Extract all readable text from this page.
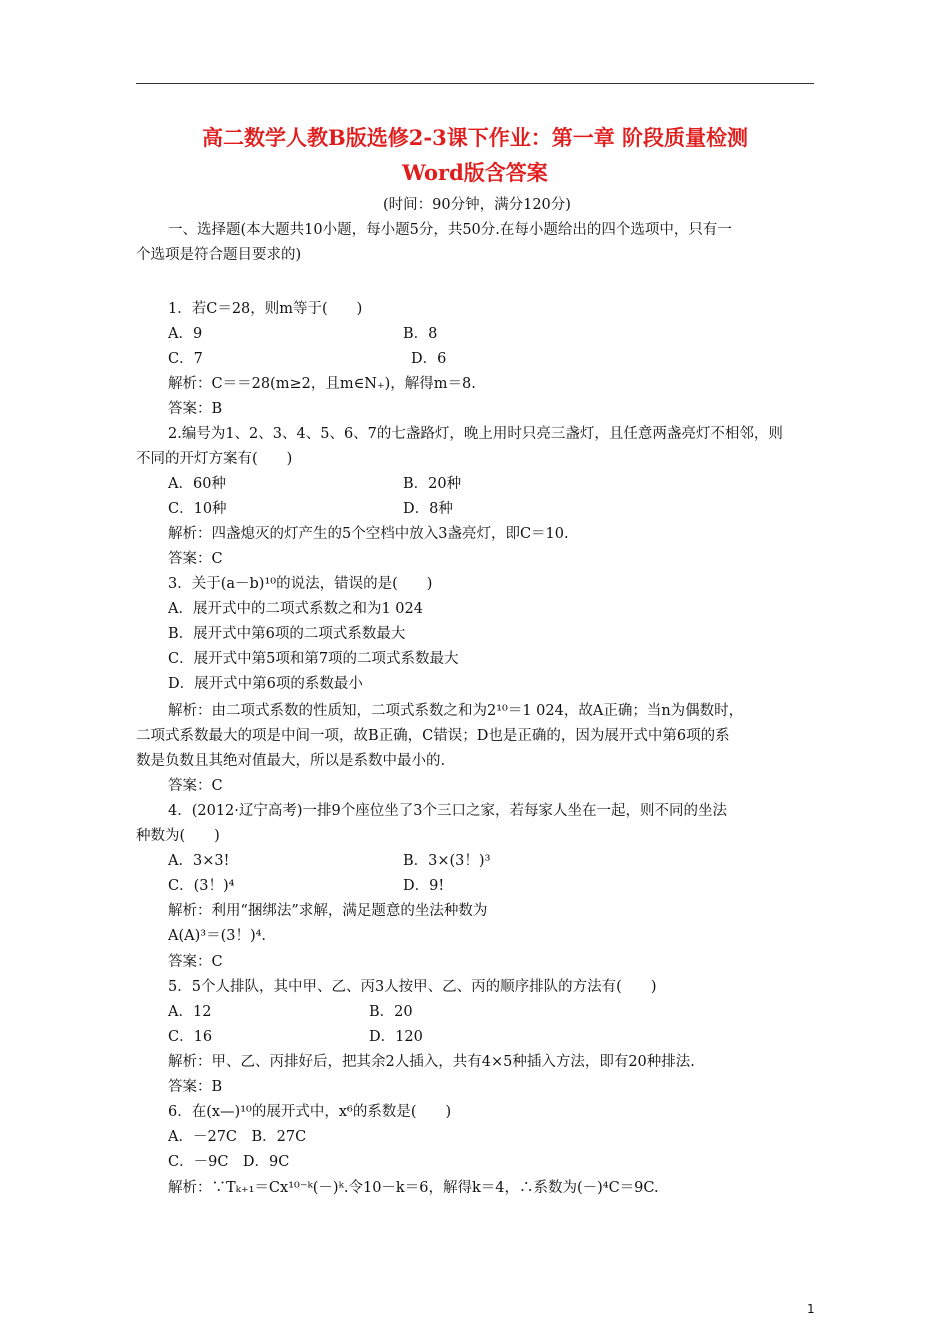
高二数学人教B版选修2-3课下作业：第一章 阶段质量检测
Word版含答案
(时间：90分钟，满分120分)
一、选择题(本大题共10小题，每小题5分，共50分.在每小题给出的四个选项中，只有一
个选项是符合题目要求的)
1．若C＝28，则m等于(　　)
A．9	B．8
C．7	D．6
解析：C＝＝28(m≥2，且m∈N₊)，解得m＝8.
答案：B
2.编号为1、2、3、4、5、6、7的七盏路灯，晚上用时只亮三盏灯，且任意两盏亮灯不相邻，则
不同的开灯方案有(　　)
A．60种	B．20种
C．10种	D．8种
解析：四盏熄灭的灯产生的5个空档中放入3盏亮灯，即C＝10.
答案：C
3．关于(a－b)¹⁰的说法，错误的是(　　)
A．展开式中的二项式系数之和为1 024
B．展开式中第6项的二项式系数最大
C．展开式中第5项和第7项的二项式系数最大
D．展开式中第6项的系数最小
解析：由二项式系数的性质知，二项式系数之和为2¹⁰＝1 024，故A正确；当n为偶数时，
二项式系数最大的项是中间一项，故B正确，C错误；D也是正确的，因为展开式中第6项的系
数是负数且其绝对值最大，所以是系数中最小的.
答案：C
4．(2012·辽宁高考)一排9个座位坐了3个三口之家，若每家人坐在一起，则不同的坐法
种数为(　　)
A．3×3!	B．3×(3！)³
C．(3！)⁴	D．9!
解析：利用“捆绑法”求解，满足题意的坐法种数为
A(A)³＝(3！)⁴.
答案：C
5．5个人排队，其中甲、乙、丙3人按甲、乙、丙的顺序排队的方法有(　　)
A．12	B．20
C．16	D．120
解析：甲、乙、丙排好后，把其余2人插入，共有4×5种插入方法，即有20种排法.
答案：B
6．在(x—)¹⁰的展开式中，x⁶的系数是(　　)
A．－27C　B．27C
C．－9C　D．9C
解析：∵Tₖ₊₁＝Cx¹⁰⁻ᵏ(－)ᵏ.令10－k＝6，解得k＝4，∴系数为(－)⁴C＝9C.
1
